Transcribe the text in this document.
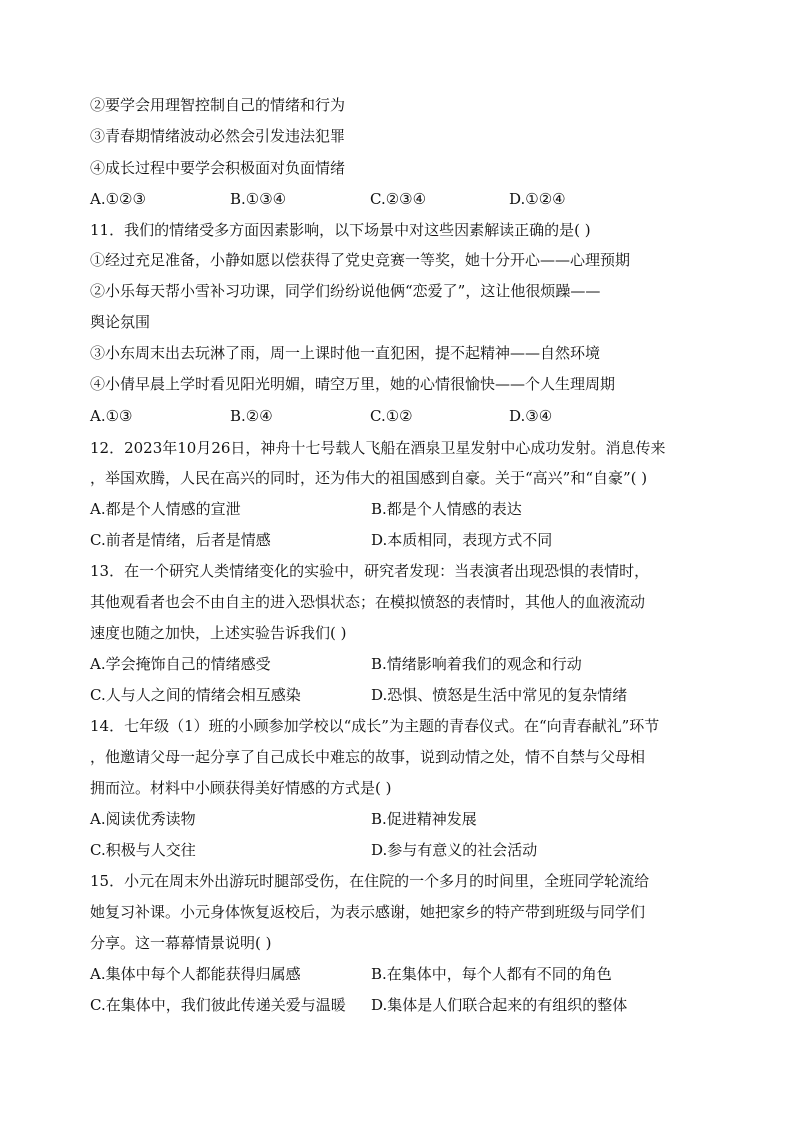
②要学会用理智控制自己的情绪和行为
③青春期情绪波动必然会引发违法犯罪
④成长过程中要学会积极面对负面情绪
A.①②③	B.①③④	C.②③④	D.①②④
11．我们的情绪受多方面因素影响，以下场景中对这些因素解读正确的是( )
①经过充足准备，小静如愿以偿获得了党史竞赛一等奖，她十分开心——心理预期
②小乐每天帮小雪补习功课，同学们纷纷说他俩“恋爱了”，这让他很烦躁——
舆论氛围
③小东周末出去玩淋了雨，周一上课时他一直犯困，提不起精神——自然环境
④小倩早晨上学时看见阳光明媚，晴空万里，她的心情很愉快——个人生理周期
A.①③	B.②④	C.①②	D.③④
12．2023年10月26日，神舟十七号载人飞船在酒泉卫星发射中心成功发射。消息传来
，举国欢腾，人民在高兴的同时，还为伟大的祖国感到自豪。关于“高兴”和“自豪”( )
A.都是个人情感的宣泄	B.都是个人情感的表达
C.前者是情绪，后者是情感	D.本质相同，表现方式不同
13．在一个研究人类情绪变化的实验中，研究者发现：当表演者出现恐惧的表情时，
其他观看者也会不由自主的进入恐惧状态；在模拟愤怒的表情时，其他人的血液流动
速度也随之加快，上述实验告诉我们( )
A.学会掩饰自己的情绪感受	B.情绪影响着我们的观念和行动
C.人与人之间的情绪会相互感染	D.恐惧、愤怒是生活中常见的复杂情绪
14．七年级（1）班的小顾参加学校以“成长”为主题的青春仪式。在“向青春献礼”环节
，他邀请父母一起分享了自己成长中难忘的故事，说到动情之处，情不自禁与父母相
拥而泣。材料中小顾获得美好情感的方式是( )
A.阅读优秀读物	B.促进精神发展
C.积极与人交往	D.参与有意义的社会活动
15．小元在周末外出游玩时腿部受伤，在住院的一个多月的时间里，全班同学轮流给
她复习补课。小元身体恢复返校后，为表示感谢，她把家乡的特产带到班级与同学们
分享。这一幕幕情景说明( )
A.集体中每个人都能获得归属感	B.在集体中，每个人都有不同的角色
C.在集体中，我们彼此传递关爱与温暖 D.集体是人们联合起来的有组织的整体
